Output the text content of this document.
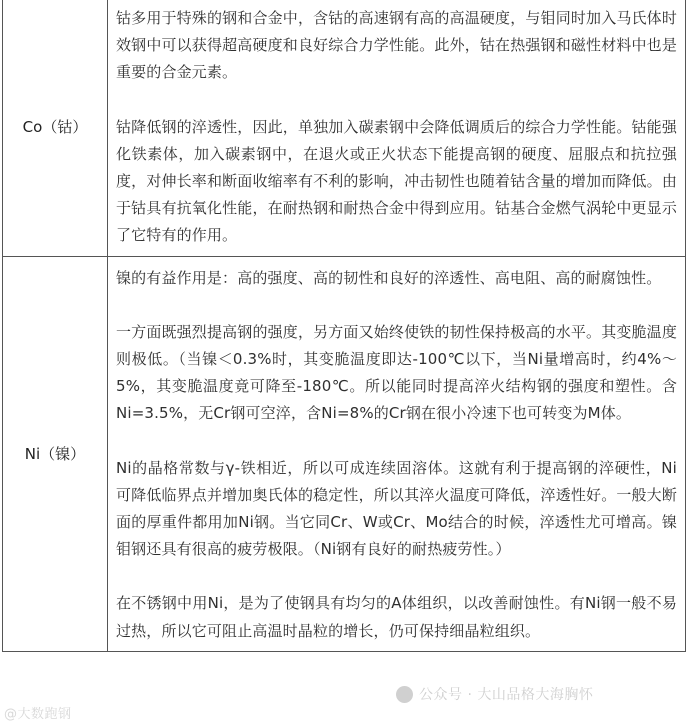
Co（钴）	钴多用于特殊的钢和合金中，含钴的高速钢有高的高温硬度，与钼同时加入马氏体时效钢中可以获得超高硬度和良好综合力学性能。此外，钴在热强钢和磁性材料中也是重要的合金元素。

钴降低钢的淬透性，因此，单独加入碳素钢中会降低调质后的综合力学性能。钴能强化铁素体，加入碳素钢中，在退火或正火状态下能提高钢的硬度、屈服点和抗拉强度，对伸长率和断面收缩率有不利的影响，冲击韧性也随着钴含量的增加而降低。由于钴具有抗氧化性能，在耐热钢和耐热合金中得到应用。钴基合金燃气涡轮中更显示了它特有的作用。

Ni（镍）	镍的有益作用是：高的强度、高的韧性和良好的淬透性、高电阻、高的耐腐蚀性。

一方面既强烈提高钢的强度，另方面又始终使铁的韧性保持极高的水平。其变脆温度则极低。（当镍＜0.3%时，其变脆温度即达-100℃以下，当Ni量增高时，约4%～5%，其变脆温度竟可降至-180℃。所以能同时提高淬火结构钢的强度和塑性。含Ni=3.5%，无Cr钢可空淬，含Ni=8%的Cr钢在很小冷速下也可转变为M体。

Ni的晶格常数与γ-铁相近，所以可成连续固溶体。这就有利于提高钢的淬硬性，Ni可降低临界点并增加奥氏体的稳定性，所以其淬火温度可降低，淬透性好。一般大断面的厚重件都用加Ni钢。当它同Cr、W或Cr、Mo结合的时候，淬透性尤可增高。镍钼钢还具有很高的疲劳极限。（Ni钢有良好的耐热疲劳性。）

在不锈钢中用Ni，是为了使钢具有均匀的A体组织，以改善耐蚀性。有Ni钢一般不易过热，所以它可阻止高温时晶粒的增长，仍可保持细晶粒组织。

@大数跑钢
公众号 · 大山品格大海胸怀
